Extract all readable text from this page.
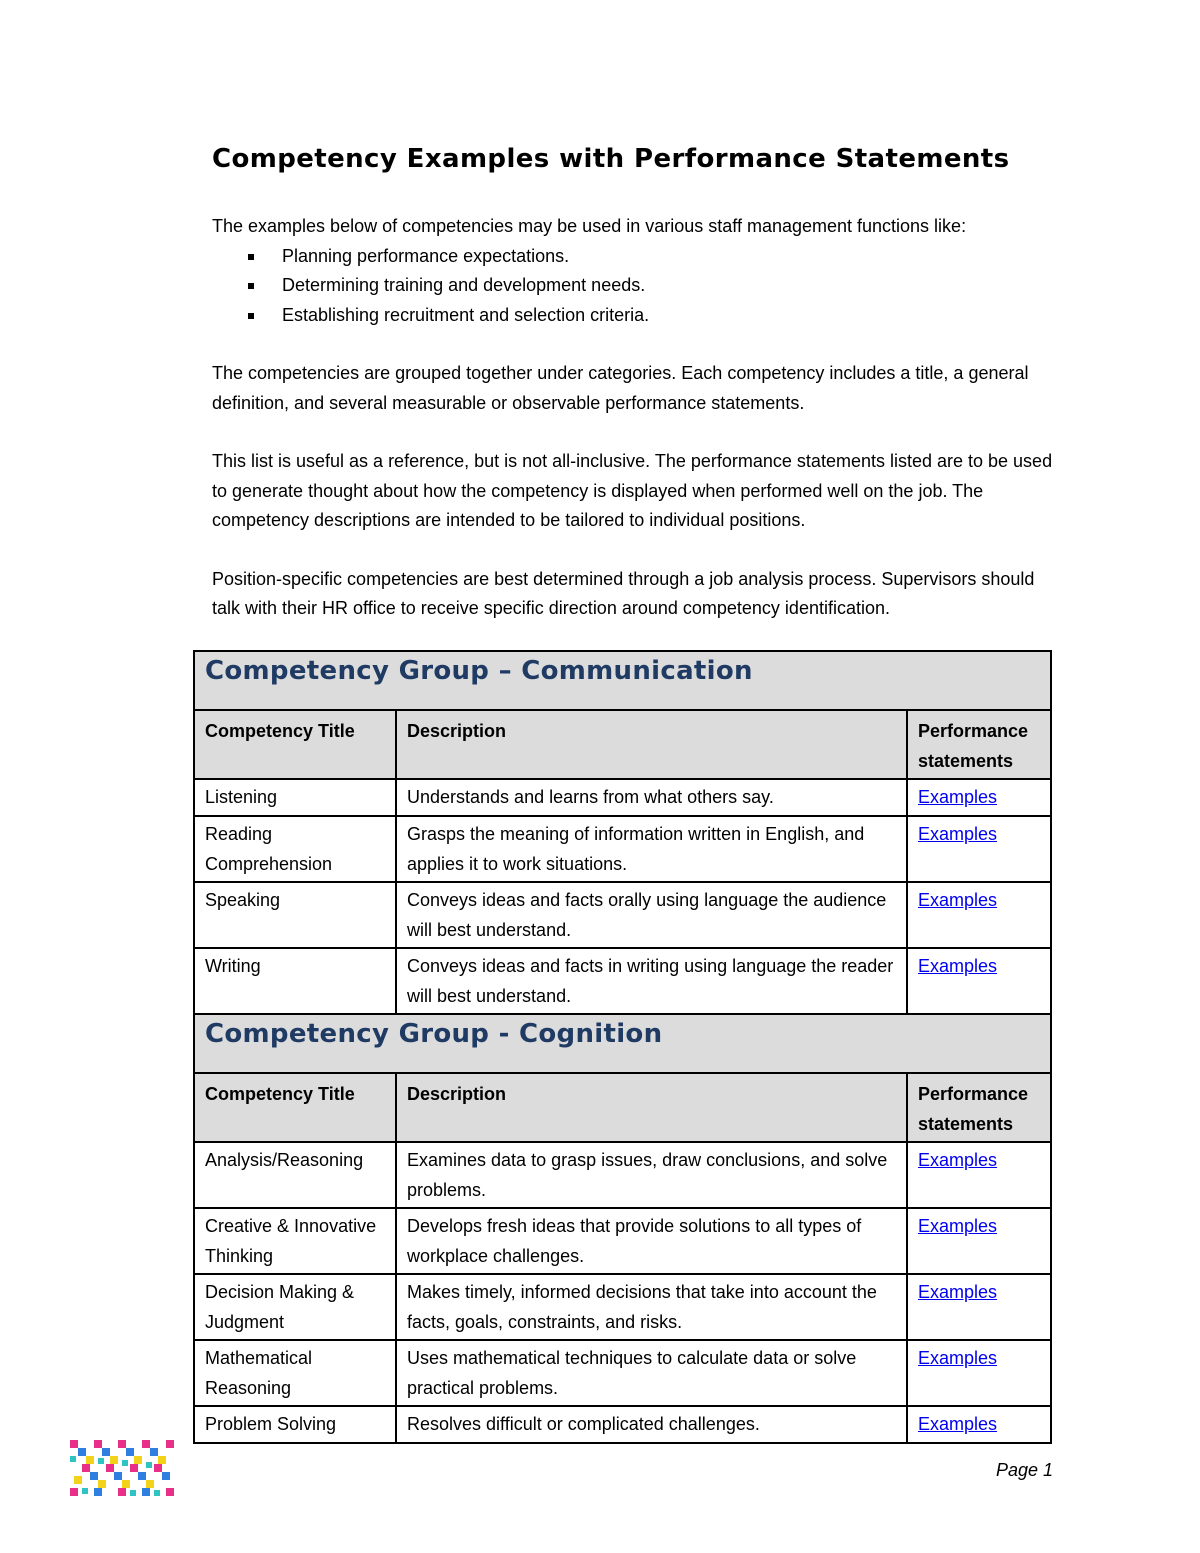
Competency Examples with Performance Statements

The examples below of competencies may be used in various staff management functions like:

Planning performance expectations.
Determining training and development needs.
Establishing recruitment and selection criteria.

The competencies are grouped together under categories. Each competency includes a title, a general definition, and several measurable or observable performance statements.

This list is useful as a reference, but is not all-inclusive. The performance statements listed are to be used to generate thought about how the competency is displayed when performed well on the job. The competency descriptions are intended to be tailored to individual positions.

Position-specific competencies are best determined through a job analysis process. Supervisors should talk with their HR office to receive specific direction around competency identification.

Competency Group – Communication		
Competency Title	Description	Performance statements
Listening	Understands and learns from what others say.	Examples
Reading Comprehension	Grasps the meaning of information written in English, and applies it to work situations.	Examples
Speaking	Conveys ideas and facts orally using language the audience will best understand.	Examples
Writing	Conveys ideas and facts in writing using language the reader will best understand.	Examples
Competency Group - Cognition		
Competency Title	Description	Performance statements
Analysis/Reasoning	Examines data to grasp issues, draw conclusions, and solve problems.	Examples
Creative & Innovative Thinking	Develops fresh ideas that provide solutions to all types of workplace challenges.	Examples
Decision Making & Judgment	Makes timely, informed decisions that take into account the facts, goals, constraints, and risks.	Examples
Mathematical Reasoning	Uses mathematical techniques to calculate data or solve practical problems.	Examples
Problem Solving	Resolves difficult or complicated challenges.	Examples

Page 1
